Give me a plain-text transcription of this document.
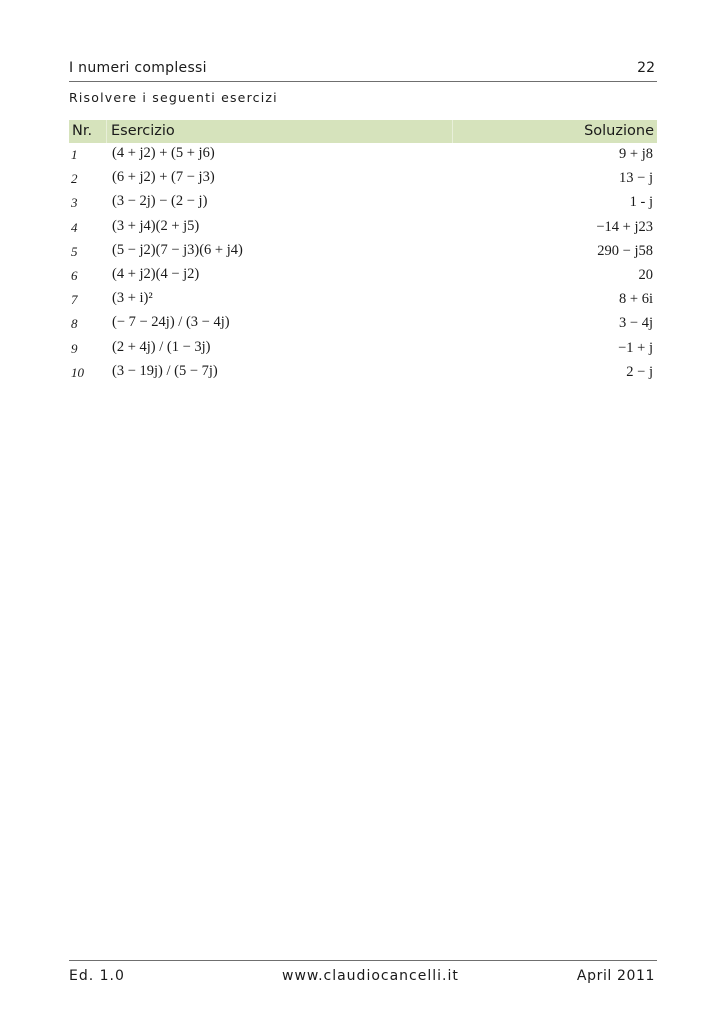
I numeri complessi	22
Risolvere i seguenti esercizi
Nr. Esercizio	Soluzione
1 (4 + j2) + (5 + j6)	9 + j8
2 (6 + j2) + (7 − j3)	13 − j
3 (3 − 2j) − (2 − j)	1 - j
4 (3 + j4)(2 + j5)	−14 + j23
5 (5 − j2)(7 − j3)(6 + j4)	290 − j58
6 (4 + j2)(4 − j2)	20
7 (3 + i)²	8 + 6i
8 (− 7 − 24j) / (3 − 4j)	3 − 4j
9 (2 + 4j) / (1 − 3j)	−1 + j
10 (3 − 19j) / (5 − 7j)	2 − j
Ed. 1.0	www.claudiocancelli.it	April 2011
